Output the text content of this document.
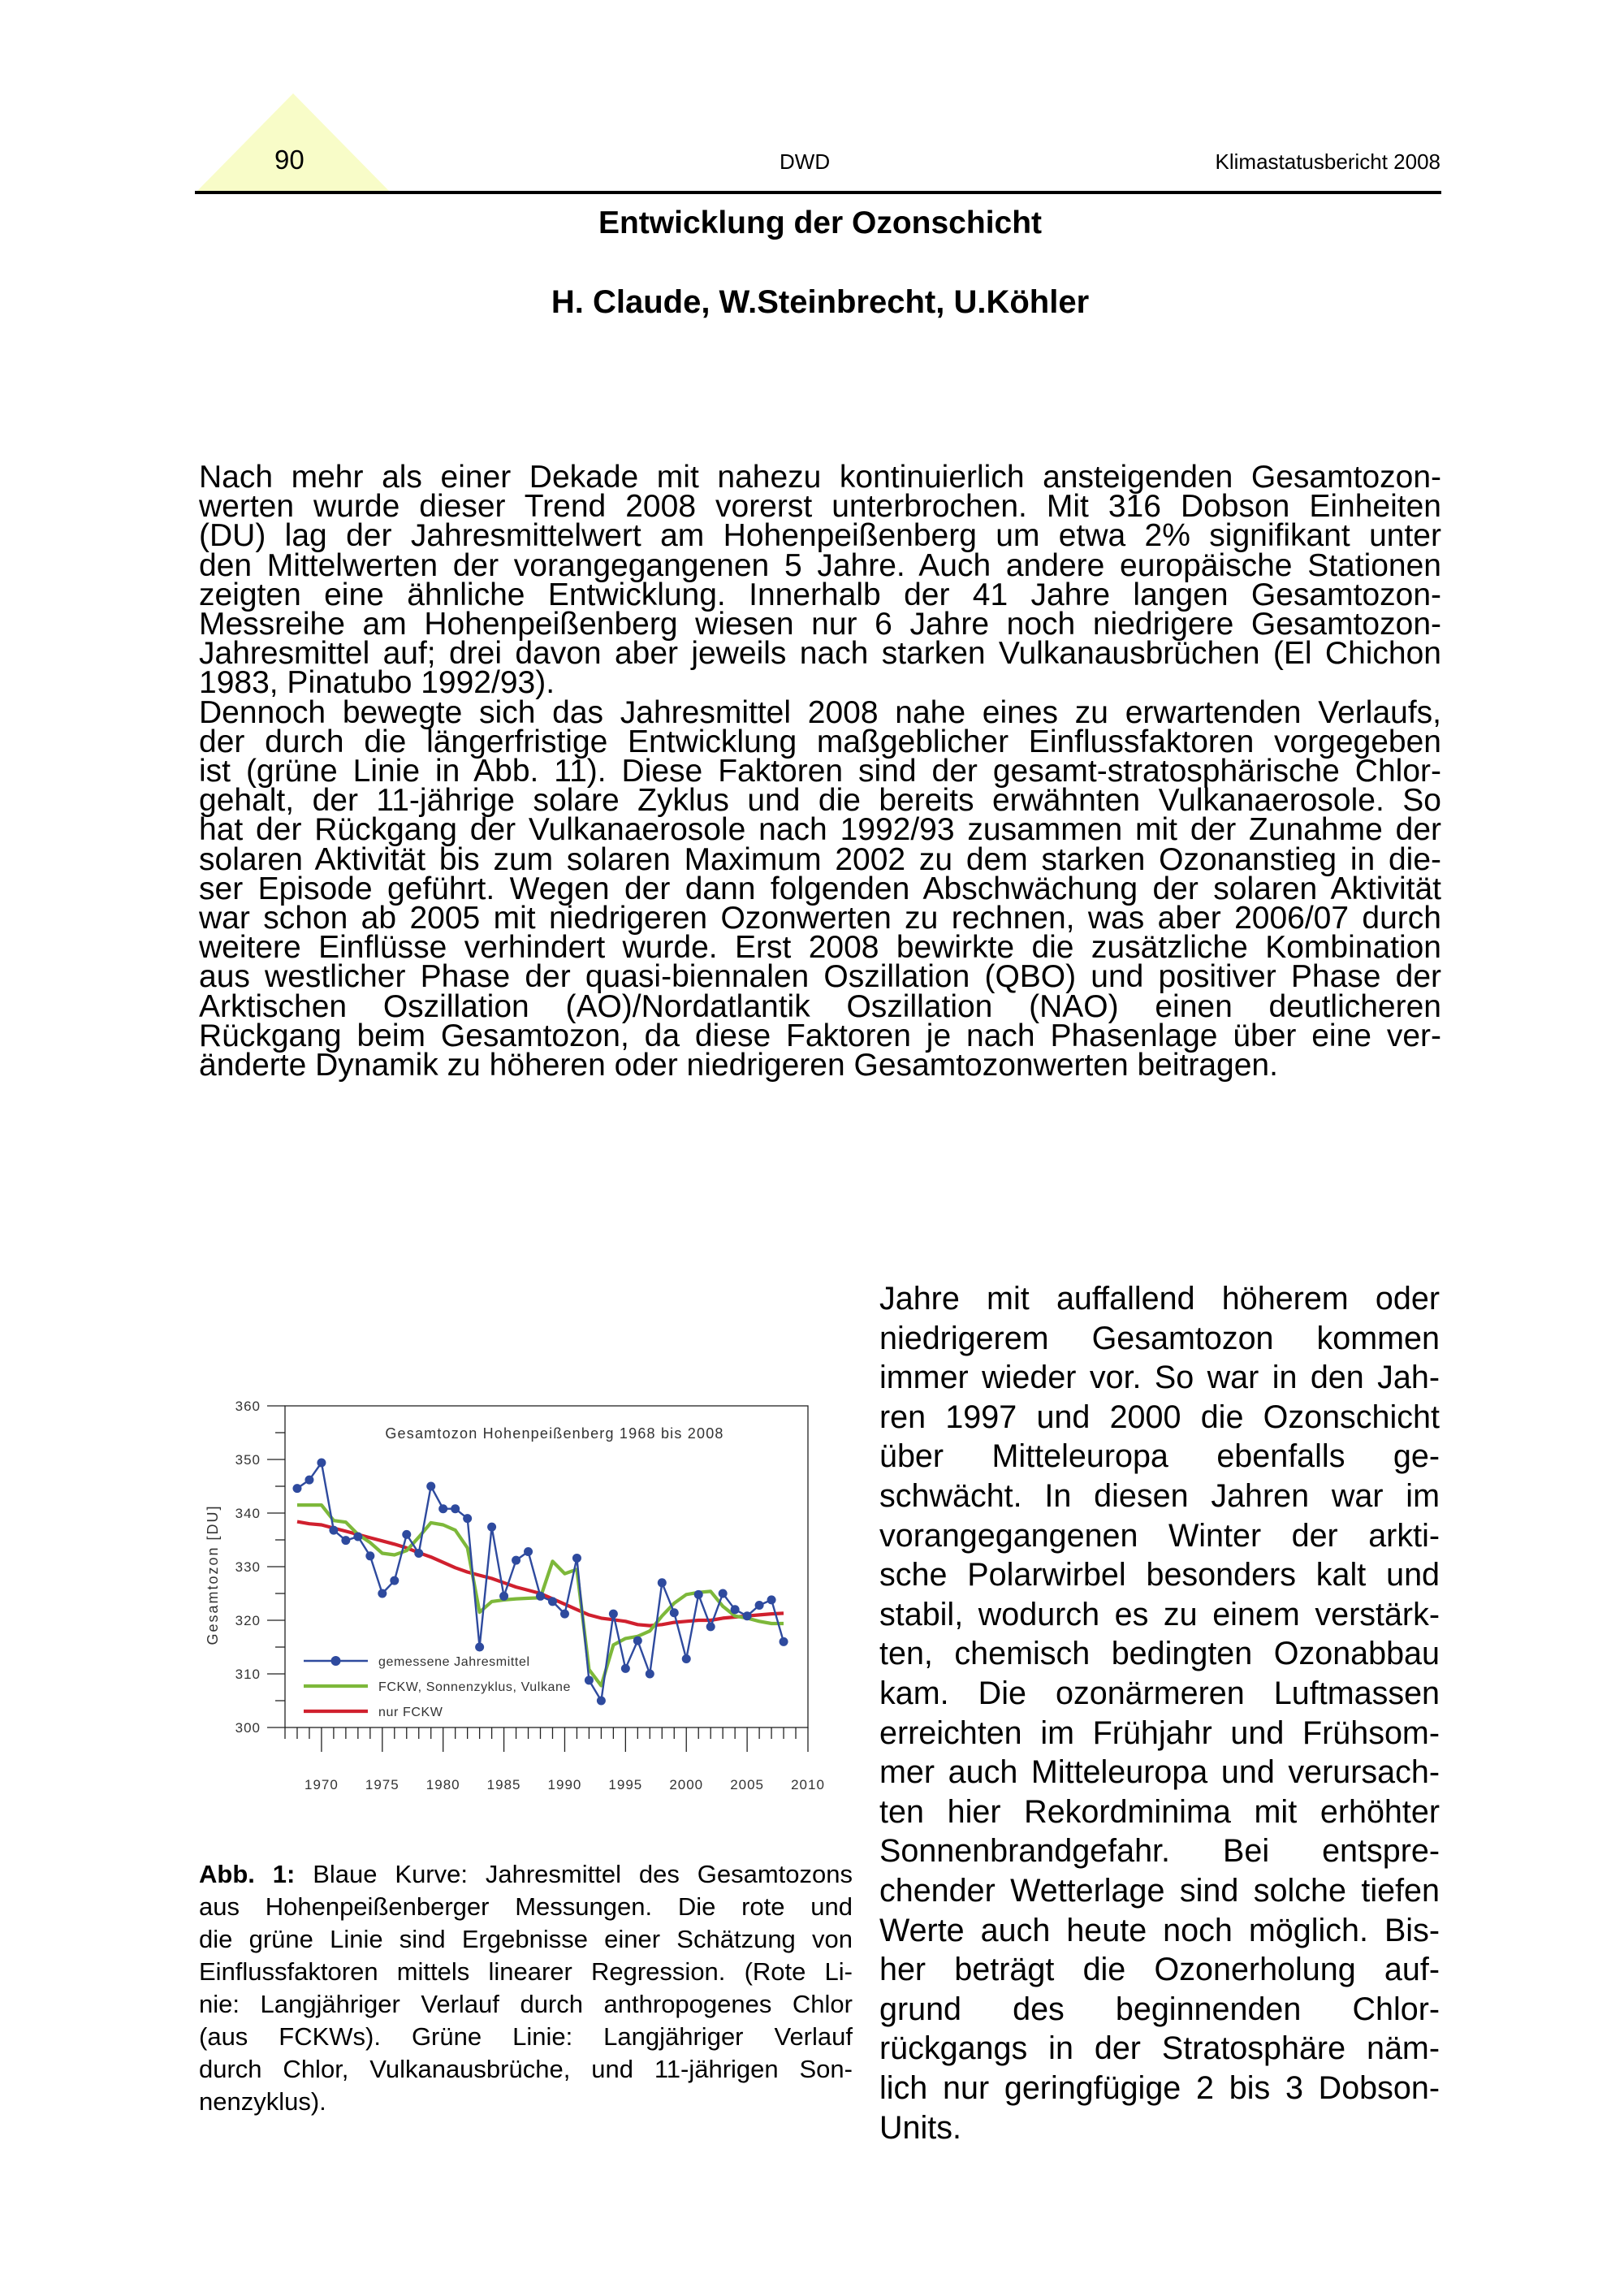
90	DWD	Klimastatusbericht 2008
Entwicklung der Ozonschicht
H. Claude, W.Steinbrecht, U.Köhler
Nach mehr als einer Dekade mit nahezu kontinuierlich ansteigenden Gesamtozon-
werten wurde dieser Trend 2008 vorerst unterbrochen. Mit 316 Dobson Einheiten
(DU) lag der Jahresmittelwert am Hohenpeißenberg um etwa 2% signifikant unter
den Mittelwerten der vorangegangenen 5 Jahre. Auch andere europäische Stationen
zeigten eine ähnliche Entwicklung. Innerhalb der 41 Jahre langen Gesamtozon-
Messreihe am Hohenpeißenberg wiesen nur 6 Jahre noch niedrigere Gesamtozon-
Jahresmittel auf; drei davon aber jeweils nach starken Vulkanausbrüchen (El Chichon
1983, Pinatubo 1992/93).
Dennoch bewegte sich das Jahresmittel 2008 nahe eines zu erwartenden Verlaufs,
der durch die längerfristige Entwicklung maßgeblicher Einflussfaktoren vorgegeben
ist (grüne Linie in Abb. 11). Diese Faktoren sind der gesamt-stratosphärische Chlor-
gehalt, der 11-jährige solare Zyklus und die bereits erwähnten Vulkanaerosole. So
hat der Rückgang der Vulkanaerosole nach 1992/93 zusammen mit der Zunahme der
solaren Aktivität bis zum solaren Maximum 2002 zu dem starken Ozonanstieg in die-
ser Episode geführt. Wegen der dann folgenden Abschwächung der solaren Aktivität
war schon ab 2005 mit niedrigeren Ozonwerten zu rechnen, was aber 2006/07 durch
weitere Einflüsse verhindert wurde. Erst 2008 bewirkte die zusätzliche Kombination
aus westlicher Phase der quasi-biennalen Oszillation (QBO) und positiver Phase der
Arktischen Oszillation (AO)/Nordatlantik Oszillation (NAO) einen deutlicheren
Rückgang beim Gesamtozon, da diese Faktoren je nach Phasenlage über eine ver-
änderte Dynamik zu höheren oder niedrigeren Gesamtozonwerten beitragen.
300
310
320
330
340
350
360
Gesamtozon [DU]
1970 1975 1980 1985 1990 1995 2000 2005 2010
Gesamtozon Hohenpeißenberg 1968 bis 2008
gemessene Jahresmittel
FCKW, Sonnenzyklus, Vulkane
nur FCKW
Abb. 1: Blaue Kurve: Jahresmittel des Gesamtozons
aus Hohenpeißenberger Messungen. Die rote und
die grüne Linie sind Ergebnisse einer Schätzung von
Einflussfaktoren mittels linearer Regression. (Rote Li-
nie: Langjähriger Verlauf durch anthropogenes Chlor
(aus FCKWs). Grüne Linie: Langjähriger Verlauf
durch Chlor, Vulkanausbrüche, und 11-jährigen Son-
nenzyklus).
Jahre mit auffallend höherem oder
niedrigerem Gesamtozon kommen
immer wieder vor. So war in den Jah-
ren 1997 und 2000 die Ozonschicht
über Mitteleuropa ebenfalls ge-
schwächt. In diesen Jahren war im
vorangegangenen Winter der arkti-
sche Polarwirbel besonders kalt und
stabil, wodurch es zu einem verstärk-
ten, chemisch bedingten Ozonabbau
kam. Die ozonärmeren Luftmassen
erreichten im Frühjahr und Frühsom-
mer auch Mitteleuropa und verursach-
ten hier Rekordminima mit erhöhter
Sonnenbrandgefahr. Bei entspre-
chender Wetterlage sind solche tiefen
Werte auch heute noch möglich. Bis-
her beträgt die Ozonerholung auf-
grund des beginnenden Chlor-
rückgangs in der Stratosphäre näm-
lich nur geringfügige 2 bis 3 Dobson-
Units.
